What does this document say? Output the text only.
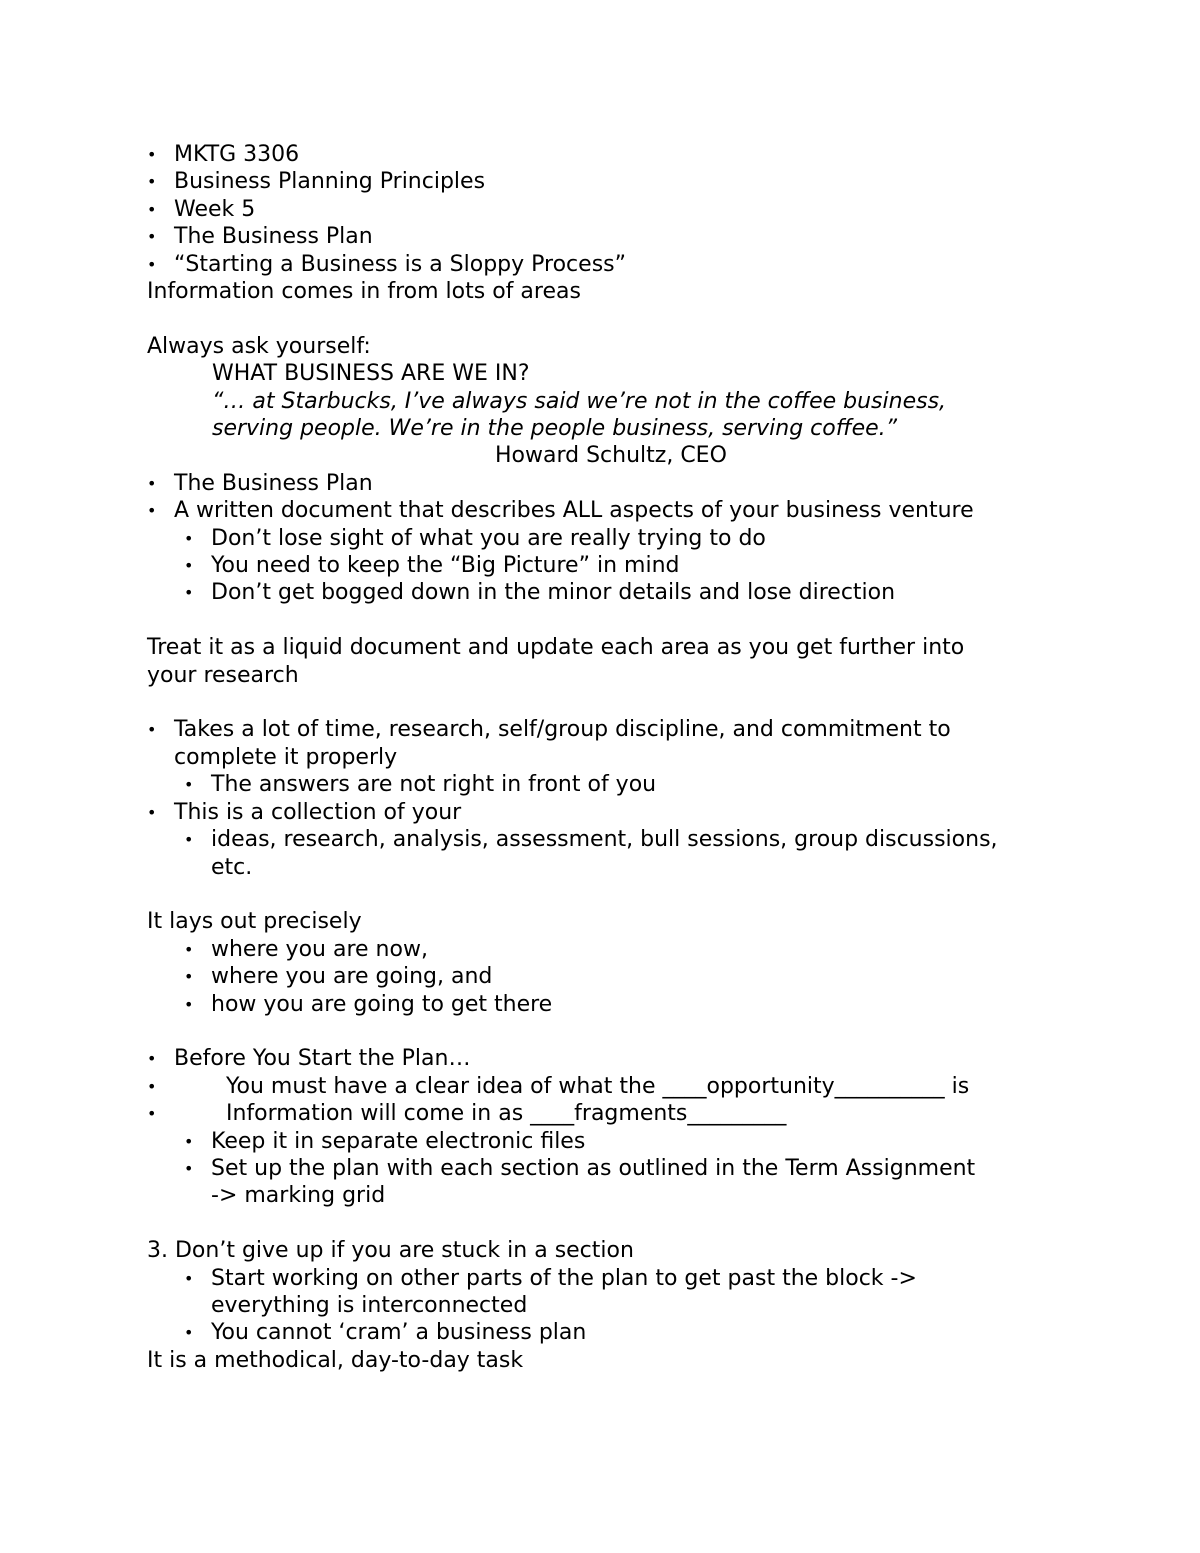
• MKTG 3306
• Business Planning Principles
• Week 5
• The Business Plan
• “Starting a Business is a Sloppy Process”
Information comes in from lots of areas
Always ask yourself:
WHAT BUSINESS ARE WE IN?
“… at Starbucks, I’ve always said we’re not in the coffee business,
serving people. We’re in the people business, serving coffee.”
Howard Schultz, CEO
• The Business Plan
• A written document that describes ALL aspects of your business venture
• Don’t lose sight of what you are really trying to do
• You need to keep the “Big Picture” in mind
• Don’t get bogged down in the minor details and lose direction
Treat it as a liquid document and update each area as you get further into
your research
• Takes a lot of time, research, self/group discipline, and commitment to
complete it properly
• The answers are not right in front of you
• This is a collection of your
• ideas, research, analysis, assessment, bull sessions, group discussions,
etc.
It lays out precisely
• where you are now,
• where you are going, and
• how you are going to get there
• Before You Start the Plan…
• You must have a clear idea of what the ____opportunity__________ is
• Information will come in as ____fragments_________
• Keep it in separate electronic files
• Set up the plan with each section as outlined in the Term Assignment
-> marking grid
3. Don’t give up if you are stuck in a section
• Start working on other parts of the plan to get past the block ->
everything is interconnected
• You cannot ‘cram’ a business plan
It is a methodical, day-to-day task
